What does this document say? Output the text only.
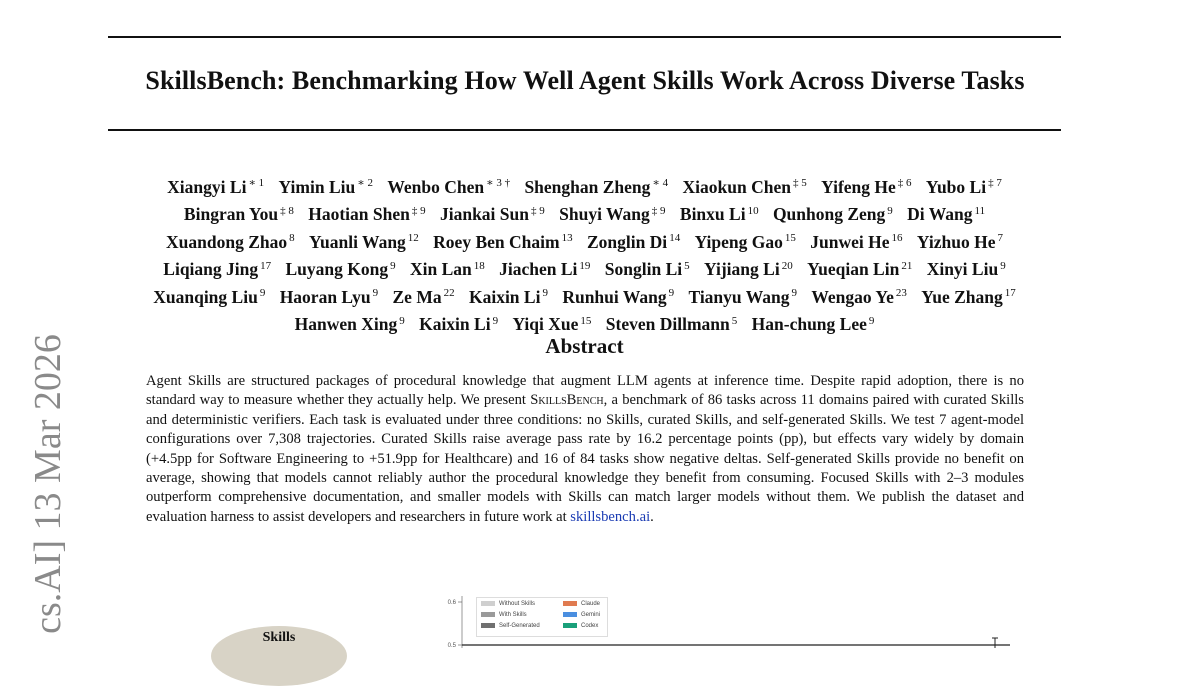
SkillsBench: Benchmarking How Well Agent Skills Work Across Diverse Tasks
Xiangyi Li $^{∗ 1}$ Yimin Liu $^{∗ 2}$ Wenbo Chen $^{∗ 3 \dagger}$ Shenghan Zheng $^{∗ 4}$ Xiaokun Chen $^{\ddagger 5}$ Yifeng He $^{\ddagger 6}$ Yubo Li $^{\ddagger 7}$ Bingran You $^{\ddagger 8}$ Haotian Shen $^{\ddagger 9}$ Jiankai Sun $^{\ddagger 9}$ Shuyi Wang $^{\ddagger 9}$ Binxu Li $^{10}$ Qunhong Zeng $^9$ Di Wang $^{11}$ Xuandong Zhao $^8$ Yuanli Wang $^{12}$ Roey Ben Chaim $^{13}$ Zonglin Di $^{14}$ Yipeng Gao $^{15}$ Junwei He $^{16}$ Yizhuo He $^7$ Liqiang Jing $^{17}$ Luyang Kong $^9$ Xin Lan $^{18}$ Jiachen Li $^{19}$ Songlin Li $^5$ Yijiang Li $^{20}$ Yueqian Lin $^{21}$ Xinyi Liu $^9$ Xuanqing Liu $^9$ Haoran Lyu $^9$ Ze Ma $^{22}$ Kaixin Li $^9$ Runhui Wang $^9$ Tianyu Wang $^9$ Wengao Ye $^{23}$ Yue Zhang $^{17}$ Hanwen Xing $^9$ Kaixin Li $^9$ Yiqi Xue $^{15}$ Steven Dillmann $^5$ Han-chung Lee $^9$
Abstract
Agent Skills are structured packages of procedural knowledge that augment LLM agents at inference time. Despite rapid adoption, there is no standard way to measure whether they actually help. We present SkillsBench, a benchmark of 86 tasks across 11 domains paired with curated Skills and deterministic verifiers. Each task is evaluated under three conditions: no Skills, curated Skills, and self-generated Skills. We test 7 agent-model configurations over 7,308 trajectories. Curated Skills raise average pass rate by 16.2 percentage points (pp), but effects vary widely by domain (+4.5pp for Software Engineering to +51.9pp for Healthcare) and 16 of 84 tasks show negative deltas. Self-generated Skills provide no benefit on average, showing that models cannot reliably author the procedural knowledge they benefit from consuming. Focused Skills with 2–3 modules outperform comprehensive documentation, and smaller models with Skills can match larger models without them. We publish the dataset and evaluation harness to assist developers and researchers in future work at skillsbench.ai.
cs.AI] 13 Mar 2026
Skills
0.6
0.5
Without Skills
With Skills
Self-Generated
Claude
Gemini
Codex
